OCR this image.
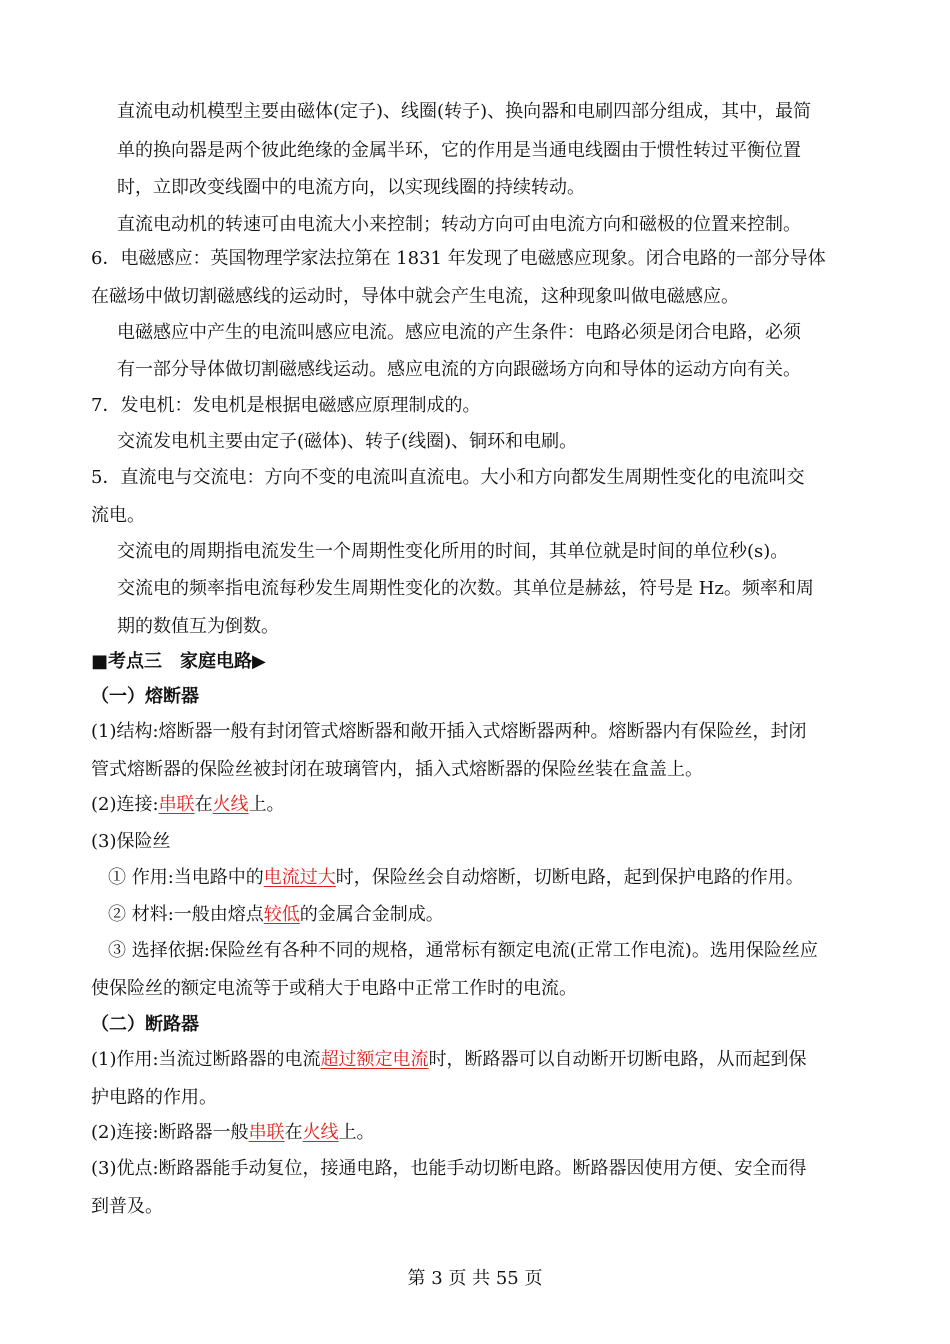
直流电动机模型主要由磁体(定子)、线圈(转子)、换向器和电刷四部分组成，其中，最简
单的换向器是两个彼此绝缘的金属半环，它的作用是当通电线圈由于惯性转过平衡位置
时，立即改变线圈中的电流方向，以实现线圈的持续转动。
直流电动机的转速可由电流大小来控制；转动方向可由电流方向和磁极的位置来控制。
6．电磁感应：英国物理学家法拉第在 1831 年发现了电磁感应现象。闭合电路的一部分导体
在磁场中做切割磁感线的运动时，导体中就会产生电流，这种现象叫做电磁感应。
电磁感应中产生的电流叫感应电流。感应电流的产生条件：电路必须是闭合电路，必须
有一部分导体做切割磁感线运动。感应电流的方向跟磁场方向和导体的运动方向有关。
7．发电机：发电机是根据电磁感应原理制成的。
交流发电机主要由定子(磁体)、转子(线圈)、铜环和电刷。
5．直流电与交流电：方向不变的电流叫直流电。大小和方向都发生周期性变化的电流叫交
流电。
交流电的周期指电流发生一个周期性变化所用的时间，其单位就是时间的单位秒(s)。
交流电的频率指电流每秒发生周期性变化的次数。其单位是赫兹，符号是 Hz。频率和周
期的数值互为倒数。
■考点三　家庭电路▶
（一）熔断器
(1)结构:熔断器一般有封闭管式熔断器和敞开插入式熔断器两种。熔断器内有保险丝，封闭
管式熔断器的保险丝被封闭在玻璃管内，插入式熔断器的保险丝装在盒盖上。
(2)连接:串联在火线上。
(3)保险丝
① 作用:当电路中的电流过大时，保险丝会自动熔断，切断电路，起到保护电路的作用。
② 材料:一般由熔点较低的金属合金制成。
③ 选择依据:保险丝有各种不同的规格，通常标有额定电流(正常工作电流)。选用保险丝应
使保险丝的额定电流等于或稍大于电路中正常工作时的电流。
（二）断路器
(1)作用:当流过断路器的电流超过额定电流时，断路器可以自动断开切断电路，从而起到保
护电路的作用。
(2)连接:断路器一般串联在火线上。
(3)优点:断路器能手动复位，接通电路，也能手动切断电路。断路器因使用方便、安全而得
到普及。
第 3 页 共 55 页
